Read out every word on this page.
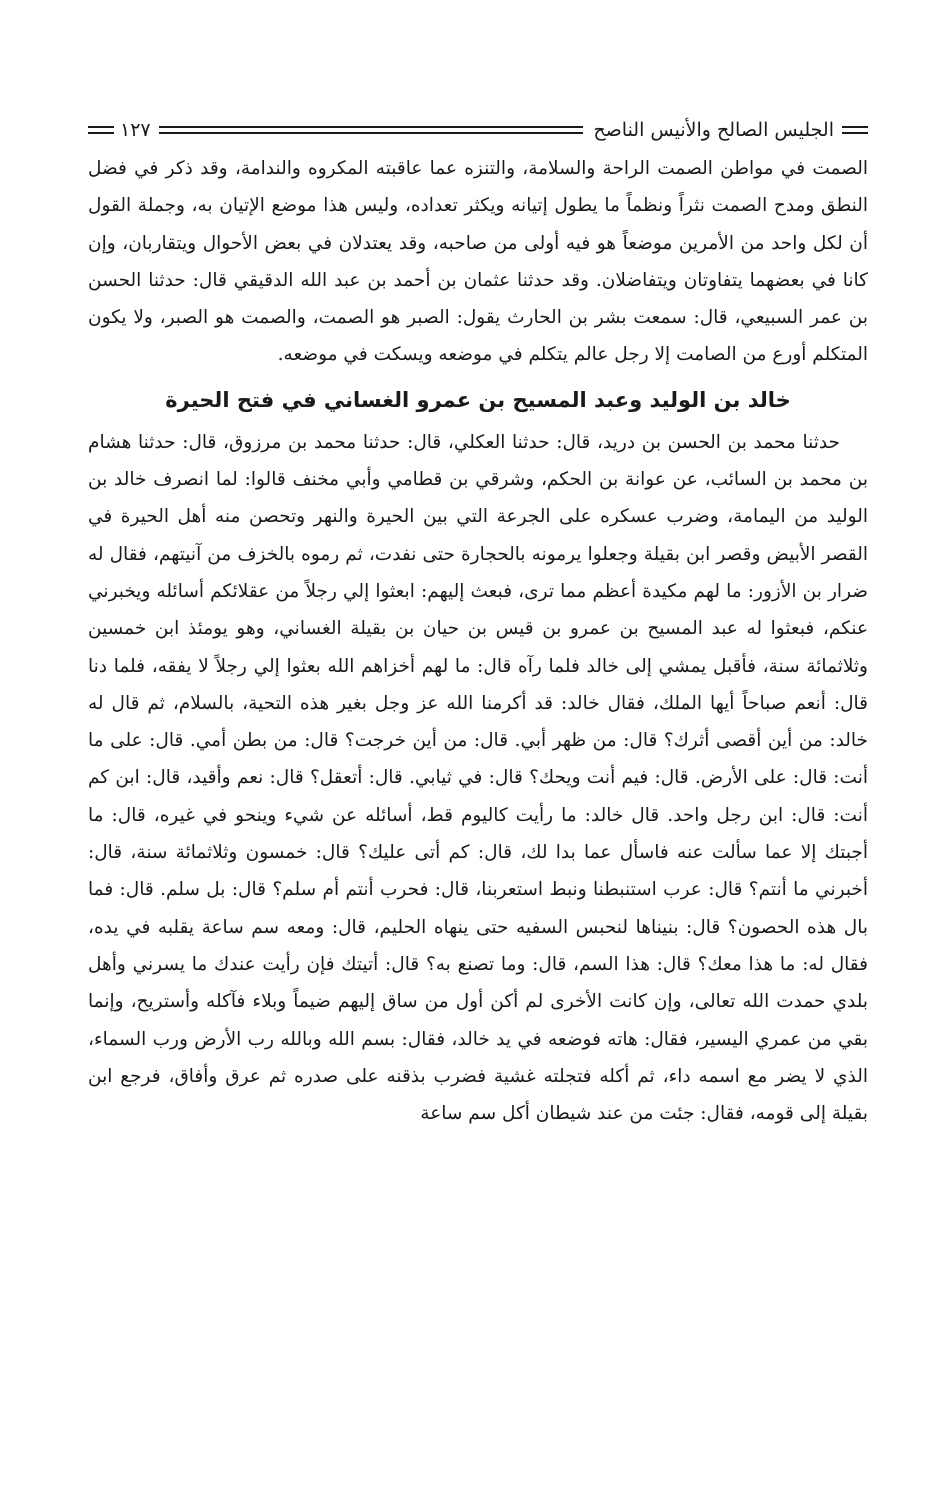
الجليس الصالح والأنيس الناصح
١٢٧

الصمت في مواطن الصمت الراحة والسلامة، والتنزه عما عاقبته المكروه والندامة، وقد ذكر في فضل النطق ومدح الصمت نثراً ونظماً ما يطول إتيانه ويكثر تعداده، وليس هذا موضع الإتيان به، وجملة القول أن لكل واحد من الأمرين موضعاً هو فيه أولى من صاحبه، وقد يعتدلان في بعض الأحوال ويتقاربان، وإن كانا في بعضهما يتفاوتان ويتفاضلان. وقد حدثنا عثمان بن أحمد بن عبد الله الدقيقي قال: حدثنا الحسن بن عمر السبيعي، قال: سمعت بشر بن الحارث يقول: الصبر هو الصمت، والصمت هو الصبر، ولا يكون المتكلم أورع من الصامت إلا رجل عالم يتكلم في موضعه ويسكت في موضعه.

خالد بن الوليد وعبد المسيح بن عمرو الغساني في فتح الحيرة

حدثنا محمد بن الحسن بن دريد، قال: حدثنا العكلي، قال: حدثنا محمد بن مرزوق، قال: حدثنا هشام بن محمد بن السائب، عن عوانة بن الحكم، وشرقي بن قطامي وأبي مخنف قالوا: لما انصرف خالد بن الوليد من اليمامة، وضرب عسكره على الجرعة التي بين الحيرة والنهر وتحصن منه أهل الحيرة في القصر الأبيض وقصر ابن بقيلة وجعلوا يرمونه بالحجارة حتى نفدت، ثم رموه بالخزف من آنيتهم، فقال له ضرار بن الأزور: ما لهم مكيدة أعظم مما ترى، فبعث إليهم: ابعثوا إلي رجلاً من عقلائكم أسائله ويخبرني عنكم، فبعثوا له عبد المسيح بن عمرو بن قيس بن حيان بن بقيلة الغساني، وهو يومئذ ابن خمسين وثلاثمائة سنة، فأقبل يمشي إلى خالد فلما رآه قال: ما لهم أخزاهم الله بعثوا إلي رجلاً لا يفقه، فلما دنا قال: أنعم صباحاً أيها الملك، فقال خالد: قد أكرمنا الله عز وجل بغير هذه التحية، بالسلام، ثم قال له خالد: من أين أقصى أثرك؟ قال: من ظهر أبي. قال: من أين خرجت؟ قال: من بطن أمي. قال: على ما أنت: قال: على الأرض. قال: فيم أنت ويحك؟ قال: في ثيابي. قال: أتعقل؟ قال: نعم وأقيد، قال: ابن كم أنت: قال: ابن رجل واحد. قال خالد: ما رأيت كاليوم قط، أسائله عن شيء وينحو في غيره، قال: ما أجبتك إلا عما سألت عنه فاسأل عما بدا لك، قال: كم أتى عليك؟ قال: خمسون وثلاثمائة سنة، قال: أخبرني ما أنتم؟ قال: عرب استنبطنا ونبط استعربنا، قال: فحرب أنتم أم سلم؟ قال: بل سلم. قال: فما بال هذه الحصون؟ قال: بنيناها لنحبس السفيه حتى ينهاه الحليم، قال: ومعه سم ساعة يقلبه في يده، فقال له: ما هذا معك؟ قال: هذا السم، قال: وما تصنع به؟ قال: أتيتك فإن رأيت عندك ما يسرني وأهل بلدي حمدت الله تعالى، وإن كانت الأخرى لم أكن أول من ساق إليهم ضيماً وبلاء فآكله وأستريح، وإنما بقي من عمري اليسير، فقال: هاته فوضعه في يد خالد، فقال: بسم الله وبالله رب الأرض ورب السماء، الذي لا يضر مع اسمه داء، ثم أكله فتجلته غشية فضرب بذقنه على صدره ثم عرق وأفاق، فرجع ابن بقيلة إلى قومه، فقال: جئت من عند شيطان أكل سم ساعة
